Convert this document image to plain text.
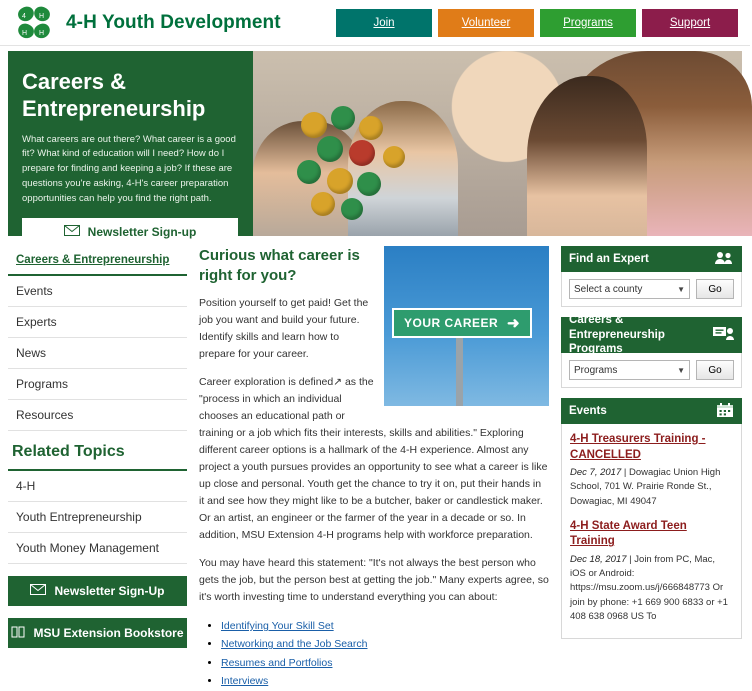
4 H
H H
4-H Youth Development	Join	Volunteer	Programs	Support
Careers & Entrepreneurship
What careers are out there? What career is a good fit? What kind of education will I need? How do I prepare for finding and keeping a job? If these are questions you're asking, 4-H's career preparation opportunities can help you find the right path.
Newsletter Sign-up
Careers & Entrepreneurship
Events
Experts
News
Programs
Resources
Related Topics
4-H
Youth Entrepreneurship
Youth Money Management
Newsletter Sign-Up
MSU Extension Bookstore
YOUR CAREER ➜
Curious what career is right for you?

Position yourself to get paid! Get the job you want and build your future. Identify skills and learn how to prepare for your career.

Career exploration is defined↗ as the "process in which an individual chooses an educational path or training or a job which fits their interests, skills and abilities." Exploring different career options is a hallmark of the 4-H experience. Almost any project a youth pursues provides an opportunity to see what a career is like up close and personal. Youth get the chance to try it on, put their hands in it and see how they might like to be a butcher, baker or candlestick maker. Or an artist, an engineer or the farmer of the year in a decade or so. In addition, MSU Extension 4-H programs help with workforce preparation.

You may have heard this statement: "It's not always the best person who gets the job, but the person best at getting the job." Many experts agree, so it's worth investing time to understand everything you can about:

• Identifying Your Skill Set
• Networking and the Job Search
• Resumes and Portfolios
• Interviews
Find an Expert
Select a county	▼	Go
Careers & Entrepreneurship Programs
Programs	▼	Go
Events
4-H Treasurers Training - CANCELLED
Dec 7, 2017 | Dowagiac Union High School, 701 W. Prairie Ronde St., Dowagiac, MI 49047
4-H State Award Teen Training
Dec 18, 2017 | Join from PC, Mac, iOS or Android: https://msu.zoom.us/j/666848773 Or join by phone: +1 669 900 6833 or +1 408 638 0968 US To
